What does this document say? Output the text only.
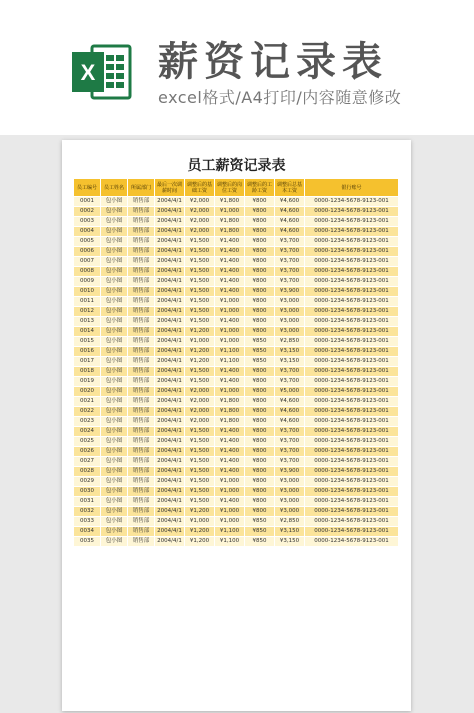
X 薪资记录表
excel格式/A4打印/内容随意修改
员工薪资记录表
员工编号	员工姓名	所属部门	最后一次调薪时间	调整后的基础工资	调整后的岗位工资	调整后的工龄工资	调整后总基本工资	银行账号
0001	包小图	销售部	2004/4/1	¥2,000	¥1,800	¥800	¥4,600	0000-1234-5678-9123-001
0002	包小图	销售部	2004/4/1	¥2,000	¥1,000	¥800	¥4,600	0000-1234-5678-9123-001
0003	包小图	销售部	2004/4/1	¥2,000	¥1,800	¥800	¥4,600	0000-1234-5678-9123-001
0004	包小图	销售部	2004/4/1	¥2,000	¥1,800	¥800	¥4,600	0000-1234-5678-9123-001
0005	包小图	销售部	2004/4/1	¥1,500	¥1,400	¥800	¥3,700	0000-1234-5678-9123-001
0006	包小图	销售部	2004/4/1	¥1,500	¥1,400	¥800	¥3,700	0000-1234-5678-9123-001
0007	包小图	销售部	2004/4/1	¥1,500	¥1,400	¥800	¥3,700	0000-1234-5678-9123-001
0008	包小图	销售部	2004/4/1	¥1,500	¥1,400	¥800	¥3,700	0000-1234-5678-9123-001
0009	包小图	销售部	2004/4/1	¥1,500	¥1,400	¥800	¥3,700	0000-1234-5678-9123-001
0010	包小图	销售部	2004/4/1	¥1,500	¥1,400	¥800	¥3,900	0000-1234-5678-9123-001
0011	包小图	销售部	2004/4/1	¥1,500	¥1,000	¥800	¥3,000	0000-1234-5678-9123-001
0012	包小图	销售部	2004/4/1	¥1,500	¥1,000	¥800	¥3,000	0000-1234-5678-9123-001
0013	包小图	销售部	2004/4/1	¥1,500	¥1,400	¥800	¥3,000	0000-1234-5678-9123-001
0014	包小图	销售部	2004/4/1	¥1,200	¥1,000	¥800	¥3,000	0000-1234-5678-9123-001
0015	包小图	销售部	2004/4/1	¥1,000	¥1,000	¥850	¥2,850	0000-1234-5678-9123-001
0016	包小图	销售部	2004/4/1	¥1,200	¥1,100	¥850	¥3,150	0000-1234-5678-9123-001
0017	包小图	销售部	2004/4/1	¥1,200	¥1,100	¥850	¥3,150	0000-1234-5678-9123-001
0018	包小图	销售部	2004/4/1	¥1,500	¥1,400	¥800	¥3,700	0000-1234-5678-9123-001
0019	包小图	销售部	2004/4/1	¥1,500	¥1,400	¥800	¥3,700	0000-1234-5678-9123-001
0020	包小图	销售部	2004/4/1	¥2,000	¥1,000	¥800	¥5,000	0000-1234-5678-9123-001
0021	包小图	销售部	2004/4/1	¥2,000	¥1,800	¥800	¥4,600	0000-1234-5678-9123-001
0022	包小图	销售部	2004/4/1	¥2,000	¥1,800	¥800	¥4,600	0000-1234-5678-9123-001
0023	包小图	销售部	2004/4/1	¥2,000	¥1,800	¥800	¥4,600	0000-1234-5678-9123-001
0024	包小图	销售部	2004/4/1	¥1,500	¥1,400	¥800	¥3,700	0000-1234-5678-9123-001
0025	包小图	销售部	2004/4/1	¥1,500	¥1,400	¥800	¥3,700	0000-1234-5678-9123-001
0026	包小图	销售部	2004/4/1	¥1,500	¥1,400	¥800	¥3,700	0000-1234-5678-9123-001
0027	包小图	销售部	2004/4/1	¥1,500	¥1,400	¥800	¥3,700	0000-1234-5678-9123-001
0028	包小图	销售部	2004/4/1	¥1,500	¥1,400	¥800	¥3,900	0000-1234-5678-9123-001
0029	包小图	销售部	2004/4/1	¥1,500	¥1,000	¥800	¥3,000	0000-1234-5678-9123-001
0030	包小图	销售部	2004/4/1	¥1,500	¥1,000	¥800	¥3,000	0000-1234-5678-9123-001
0031	包小图	销售部	2004/4/1	¥1,500	¥1,400	¥800	¥3,000	0000-1234-5678-9123-001
0032	包小图	销售部	2004/4/1	¥1,200	¥1,000	¥800	¥3,000	0000-1234-5678-9123-001
0033	包小图	销售部	2004/4/1	¥1,000	¥1,000	¥850	¥2,850	0000-1234-5678-9123-001
0034	包小图	销售部	2004/4/1	¥1,200	¥1,100	¥850	¥3,150	0000-1234-5678-9123-001
0035	包小图	销售部	2004/4/1	¥1,200	¥1,100	¥850	¥3,150	0000-1234-5678-9123-001
